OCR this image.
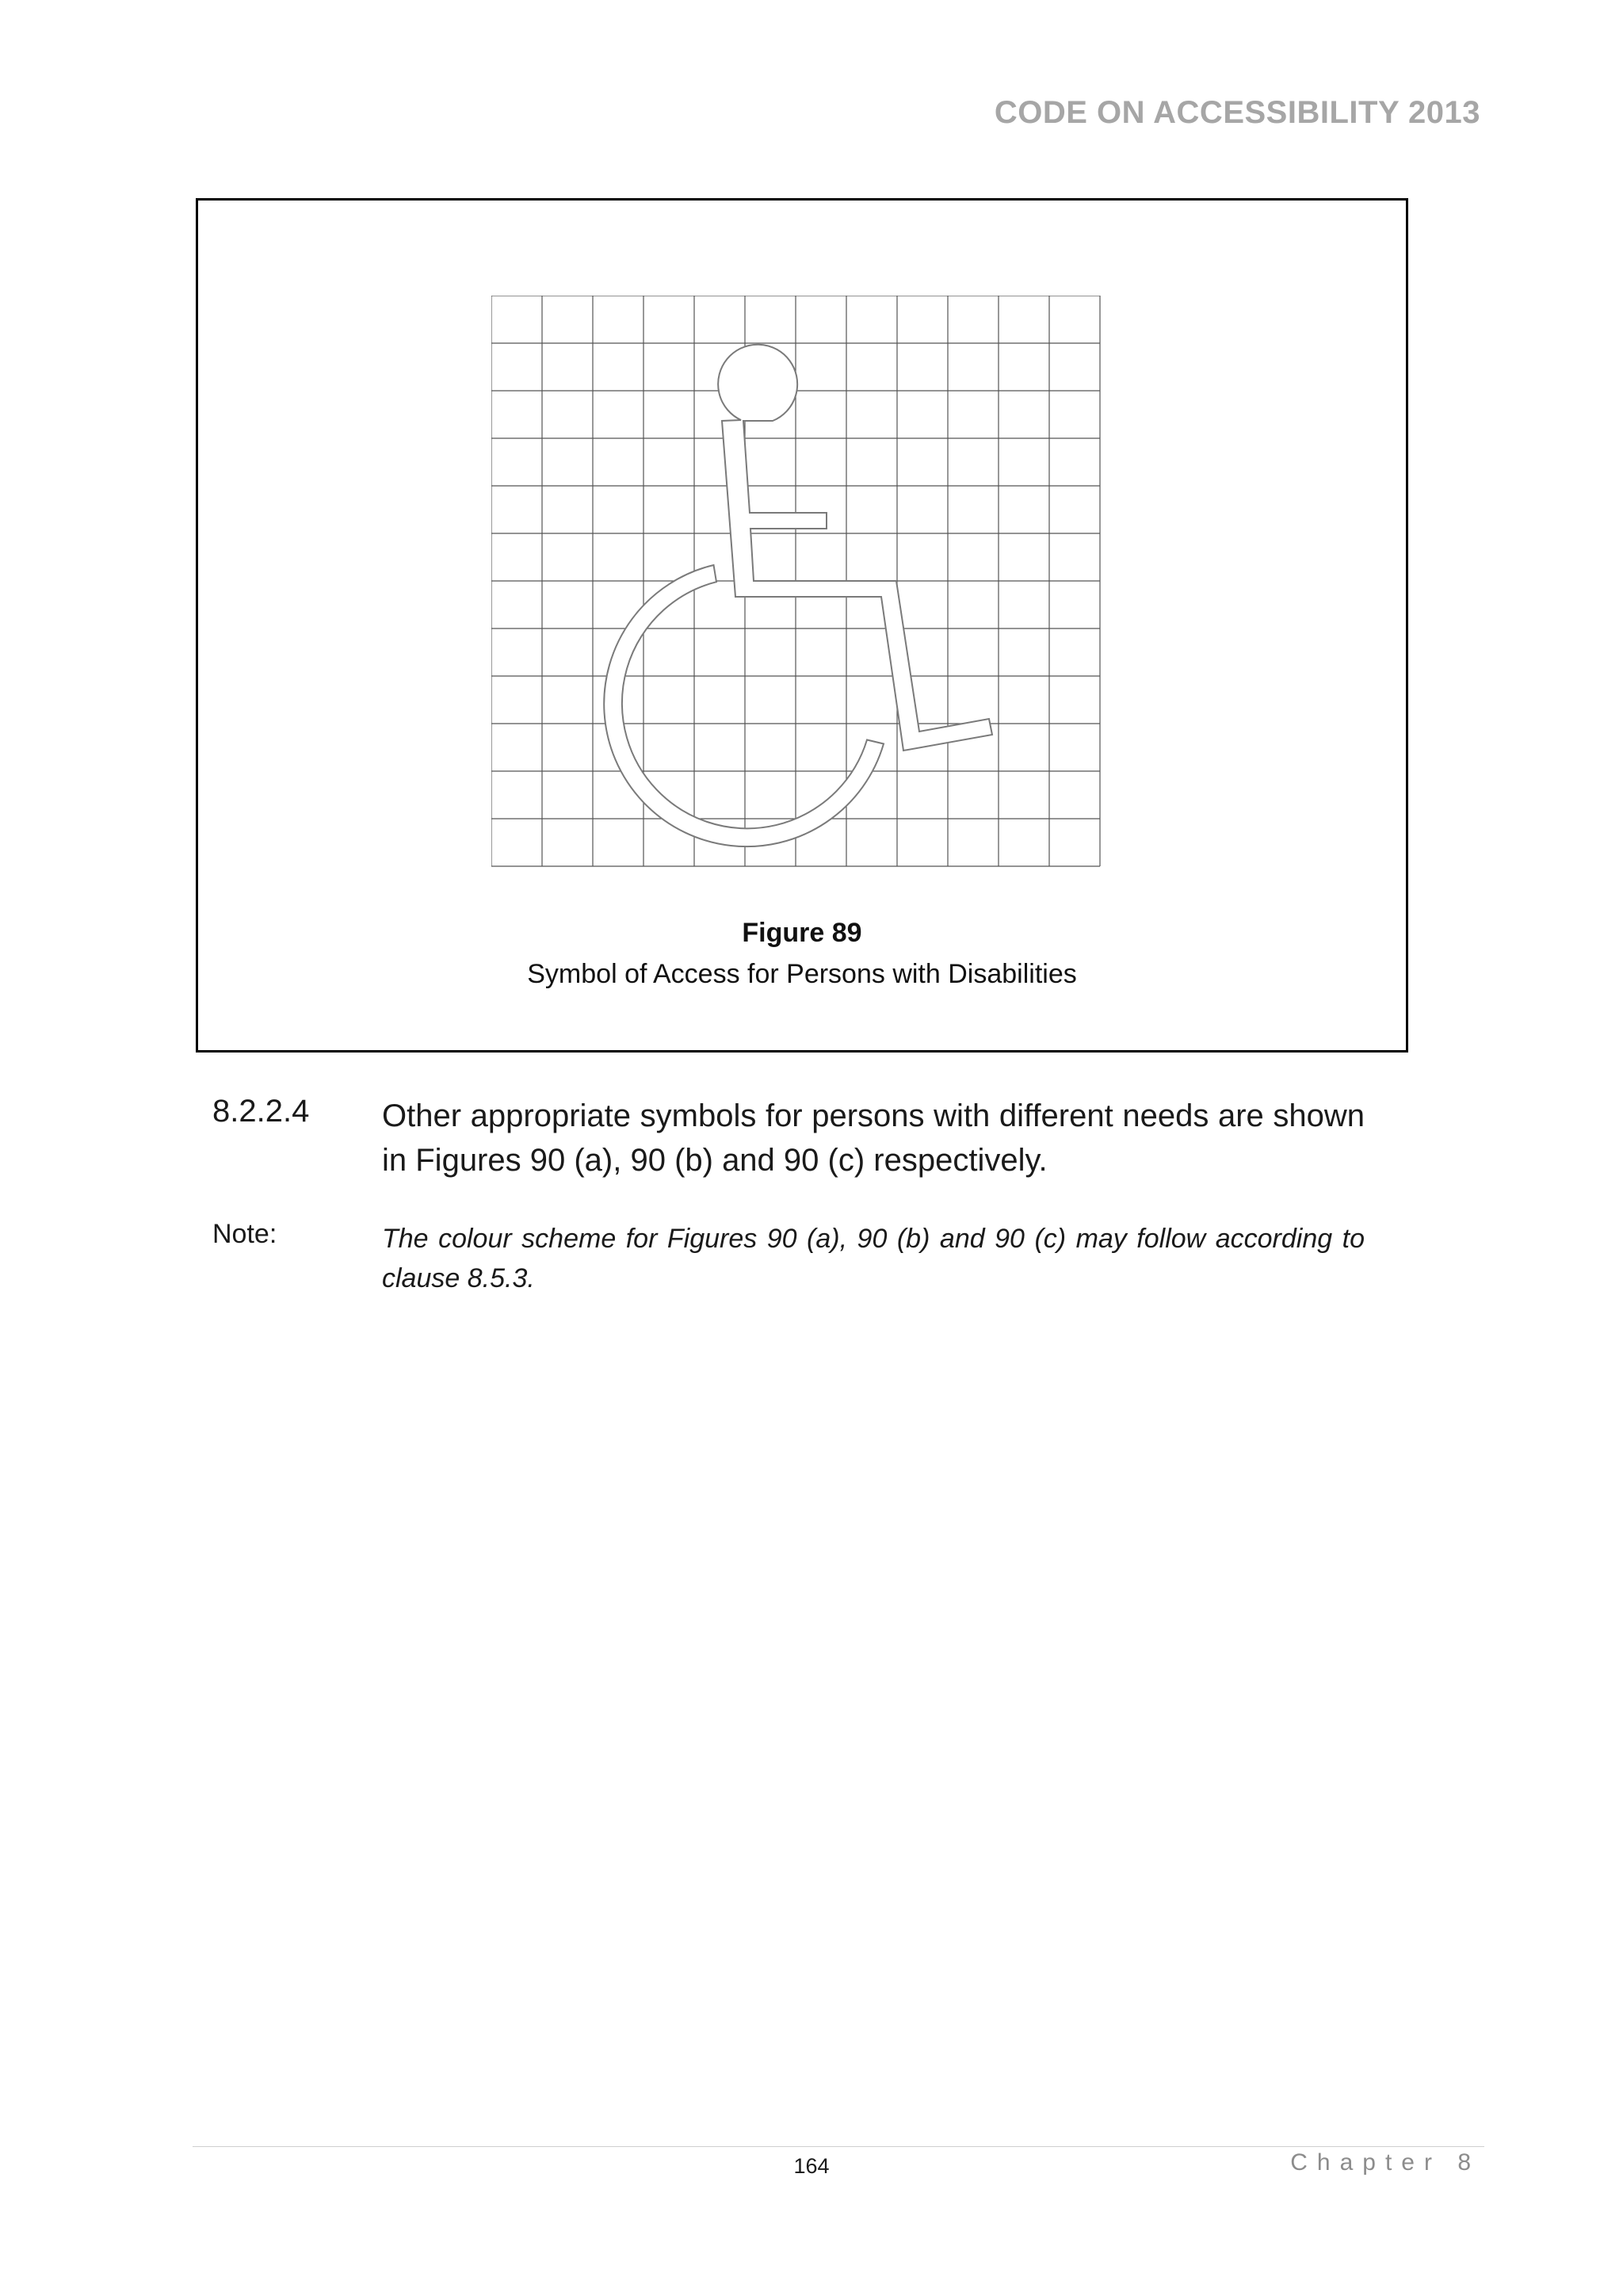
CODE ON ACCESSIBILITY 2013
Figure 89
Symbol of Access for Persons with Disabilities
8.2.2.4 Other appropriate symbols for persons with different needs are shown in Figures 90 (a), 90 (b) and 90 (c) respectively.
Note:	The colour scheme for Figures 90 (a), 90 (b) and 90 (c) may follow according to clause 8.5.3.
164	Chapter 8
